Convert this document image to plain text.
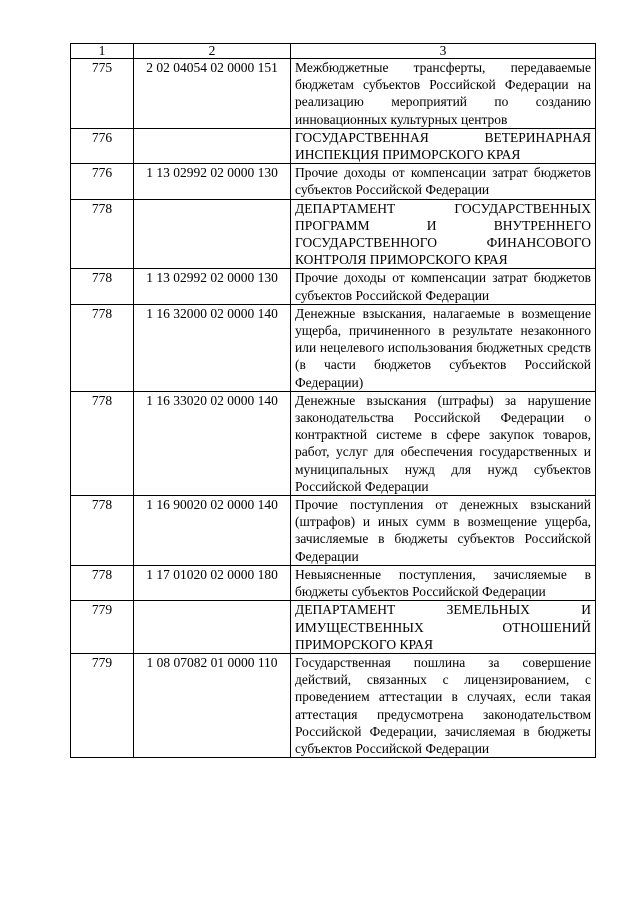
1	2	3
775	2 02 04054 02 0000 151	Межбюджетные трансферты, передаваемые бюджетам субъектов Российской Федерации на реализацию мероприятий по созданию инновационных культурных центров
776		ГОСУДАРСТВЕННАЯ ВЕТЕРИНАРНАЯ ИНСПЕКЦИЯ ПРИМОРСКОГО КРАЯ
776	1 13 02992 02 0000 130	Прочие доходы от компенсации затрат бюджетов субъектов Российской Федерации
778		ДЕПАРТАМЕНТ ГОСУДАРСТВЕННЫХ ПРОГРАММ И ВНУТРЕННЕГО ГОСУДАРСТВЕННОГО ФИНАНСОВОГО КОНТРОЛЯ ПРИМОРСКОГО КРАЯ
778	1 13 02992 02 0000 130	Прочие доходы от компенсации затрат бюджетов субъектов Российской Федерации
778	1 16 32000 02 0000 140	Денежные взыскания, налагаемые в возмещение ущерба, причиненного в результате незаконного или нецелевого использования бюджетных средств (в части бюджетов субъектов Российской Федерации)
778	1 16 33020 02 0000 140	Денежные взыскания (штрафы) за нарушение законодательства Российской Федерации о контрактной системе в сфере закупок товаров, работ, услуг для обеспечения государственных и муниципальных нужд для нужд субъектов Российской Федерации
778	1 16 90020 02 0000 140	Прочие поступления от денежных взысканий (штрафов) и иных сумм в возмещение ущерба, зачисляемые в бюджеты субъектов Российской Федерации
778	1 17 01020 02 0000 180	Невыясненные поступления, зачисляемые в бюджеты субъектов Российской Федерации
779		ДЕПАРТАМЕНТ ЗЕМЕЛЬНЫХ И ИМУЩЕСТВЕННЫХ ОТНОШЕНИЙ ПРИМОРСКОГО КРАЯ
779	1 08 07082 01 0000 110	Государственная пошлина за совершение действий, связанных с лицензированием, с проведением аттестации в случаях, если такая аттестация предусмотрена законодательством Российской Федерации, зачисляемая в бюджеты субъектов Российской Федерации
